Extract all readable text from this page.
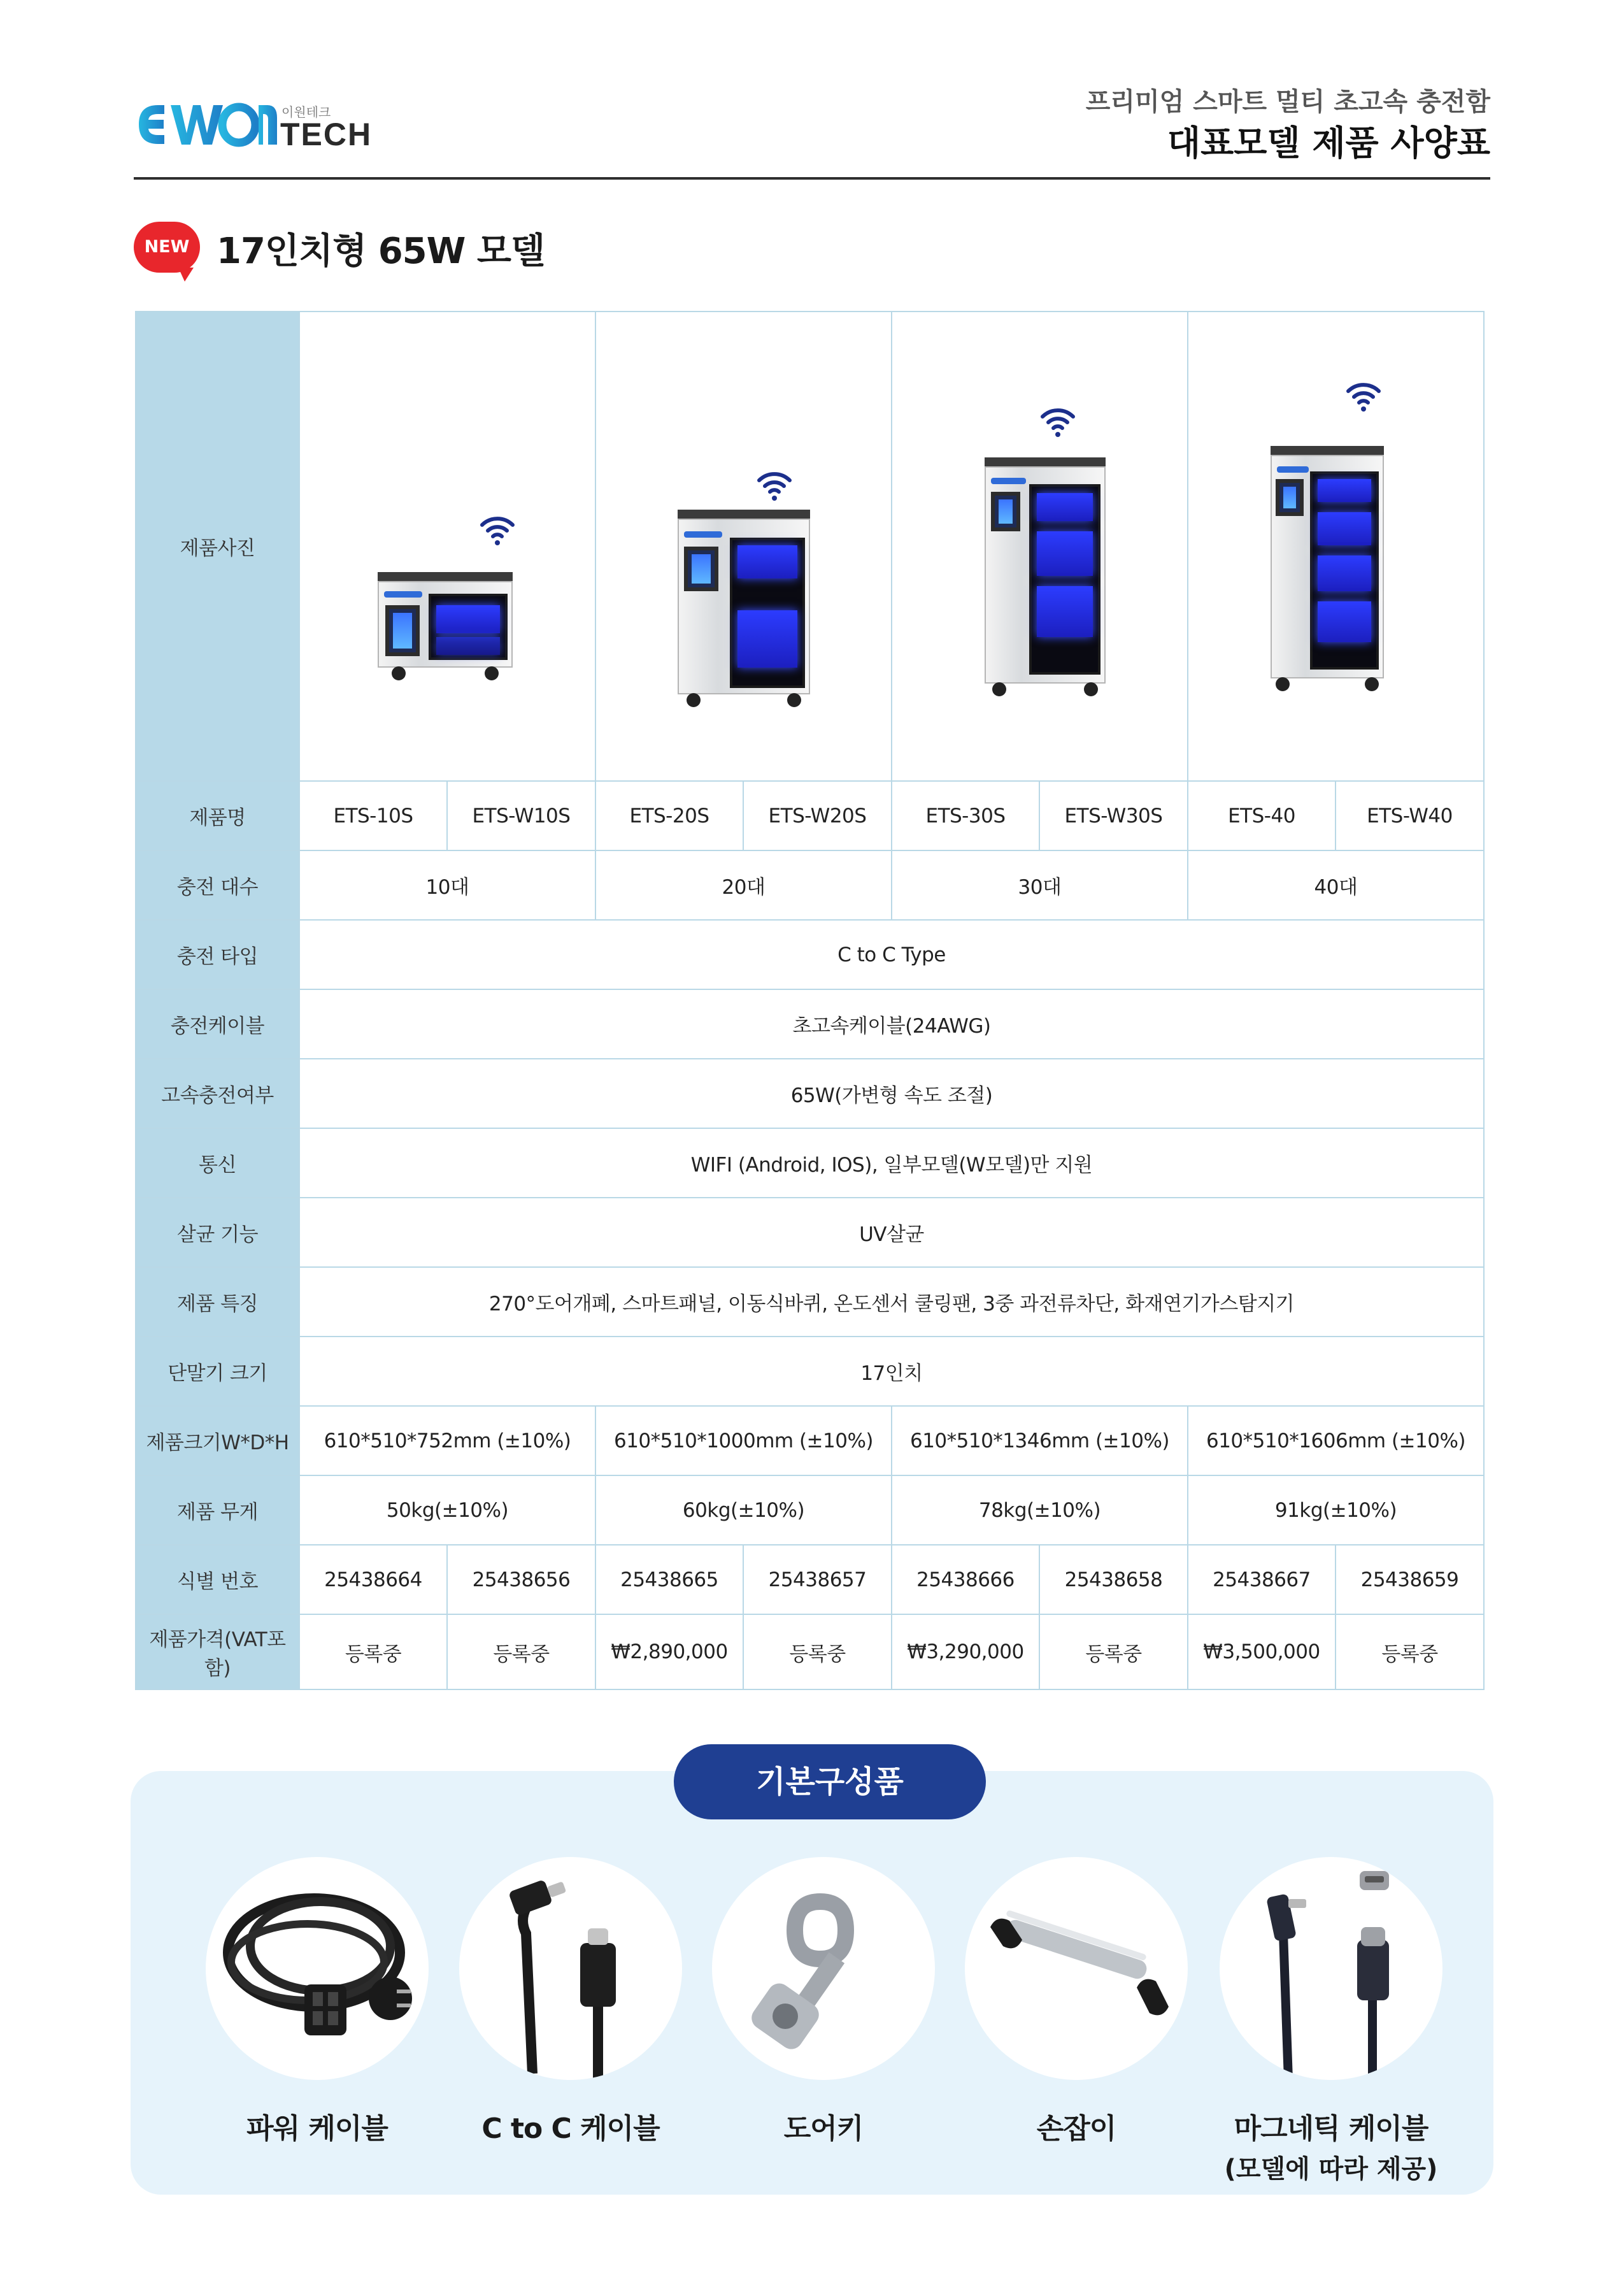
이원테크
TECH
프리미엄 스마트 멀티 초고속 충전함
대표모델 제품 사양표
NEW 17인치형 65W 모델
제품사진	

제품명	ETS-10S	ETS-W10S	ETS-20S	ETS-W20S	ETS-30S	ETS-W30S	ETS-40	ETS-W40
충전 대수	10대		20대		30대		40대	
충전 타입	C to C Type							
충전케이블	초고속케이블(24AWG)							
고속충전여부	65W(가변형 속도 조절)							
통신	WIFI (Android, IOS), 일부모델(W모델)만 지원							
살균 기능	UV살균							
제품 특징	270°도어개폐, 스마트패널, 이동식바퀴, 온도센서 쿨링팬, 3중 과전류차단, 화재연기가스탐지기							
단말기 크기	17인치							
제품크기W*D*H	610*510*752mm (±10%)		610*510*1000mm (±10%)		610*510*1346mm (±10%)		610*510*1606mm (±10%)	
제품 무게	50kg(±10%)		60kg(±10%)		78kg(±10%)		91kg(±10%)	
식별 번호	25438664	25438656	25438665	25438657	25438666	25438658	25438667	25438659
제품가격(VAT포함)	등록중	등록중	₩2,890,000	등록중	₩3,290,000	등록중	₩3,500,000	등록중
기본구성품
파워 케이블	C to C 케이블	도어키	손잡이	마그네틱 케이블
(모델에 따라 제공)
